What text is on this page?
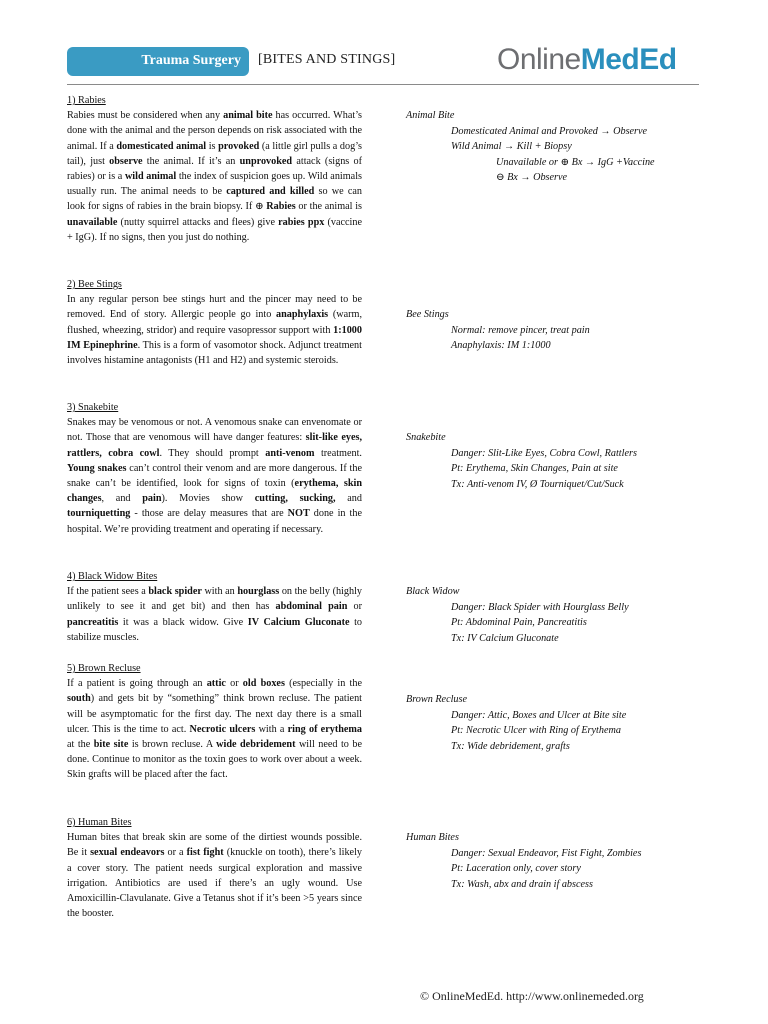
Trauma Surgery [BITES AND STINGS]	OnlineMedEd
1) Rabies

Rabies must be considered when any animal bite has occurred. What’s done with the animal and the person depends on risk associated with the animal. If a domesticated animal is provoked (a little girl pulls a dog’s tail), just observe the animal. If it’s an unprovoked attack (signs of rabies) or is a wild animal the index of suspicion goes up. Wild animals usually run. The animal needs to be captured and killed so we can look for signs of rabies in the brain biopsy. If ⊕ Rabies or the animal is unavailable (nutty squirrel attacks and flees) give rabies ppx (vaccine + IgG). If no signs, then you just do nothing.

2) Bee Stings

In any regular person bee stings hurt and the pincer may need to be removed. End of story. Allergic people go into anaphylaxis (warm, flushed, wheezing, stridor) and require vasopressor support with 1:1000 IM Epinephrine. This is a form of vasomotor shock. Adjunct treatment involves histamine antagonists (H1 and H2) and systemic steroids.

3) Snakebite

Snakes may be venomous or not. A venomous snake can envenomate or not. Those that are venomous will have danger features: slit-like eyes, rattlers, cobra cowl. They should prompt anti-venom treatment. Young snakes can’t control their venom and are more dangerous. If the snake can’t be identified, look for signs of toxin (erythema, skin changes, and pain). Movies show cutting, sucking, and tourniquetting - those are delay measures that are NOT done in the hospital. We’re providing treatment and operating if necessary.

4) Black Widow Bites

If the patient sees a black spider with an hourglass on the belly (highly unlikely to see it and get bit) and then has abdominal pain or pancreatitis it was a black widow. Give IV Calcium Gluconate to stabilize muscles.

5) Brown Recluse

If a patient is going through an attic or old boxes (especially in the south) and gets bit by “something” think brown recluse. The patient will be asymptomatic for the first day. The next day there is a small ulcer. This is the time to act. Necrotic ulcers with a ring of erythema at the bite site is brown recluse. A wide debridement will need to be done. Continue to monitor as the toxin goes to work over about a week. Skin grafts will be placed after the fact.

6) Human Bites

Human bites that break skin are some of the dirtiest wounds possible. Be it sexual endeavors or a fist fight (knuckle on tooth), there’s likely a cover story. The patient needs surgical exploration and massive irrigation. Antibiotics are used if there’s an ugly wound. Use Amoxicillin-Clavulanate. Give a Tetanus shot if it’s been >5 years since the booster.

Animal Bite

Domesticated Animal and Provoked → Observe

Wild Animal → Kill + Biopsy

Unavailable or ⊕ Bx → IgG +Vaccine

⊖ Bx → Observe

Bee Stings

Normal: remove pincer, treat pain

Anaphylaxis: IM 1:1000

Snakebite

Danger: Slit-Like Eyes, Cobra Cowl, Rattlers

Pt: Erythema, Skin Changes, Pain at site

Tx: Anti-venom IV, Ø Tourniquet/Cut/Suck

Black Widow

Danger: Black Spider with Hourglass Belly

Pt: Abdominal Pain, Pancreatitis

Tx: IV Calcium Gluconate

Brown Recluse

Danger: Attic, Boxes and Ulcer at Bite site

Pt: Necrotic Ulcer with Ring of Erythema

Tx: Wide debridement, grafts

Human Bites

Danger: Sexual Endeavor, Fist Fight, Zombies

Pt: Laceration only, cover story

Tx: Wash, abx and drain if abscess

© OnlineMedEd. http://www.onlinemeded.org
